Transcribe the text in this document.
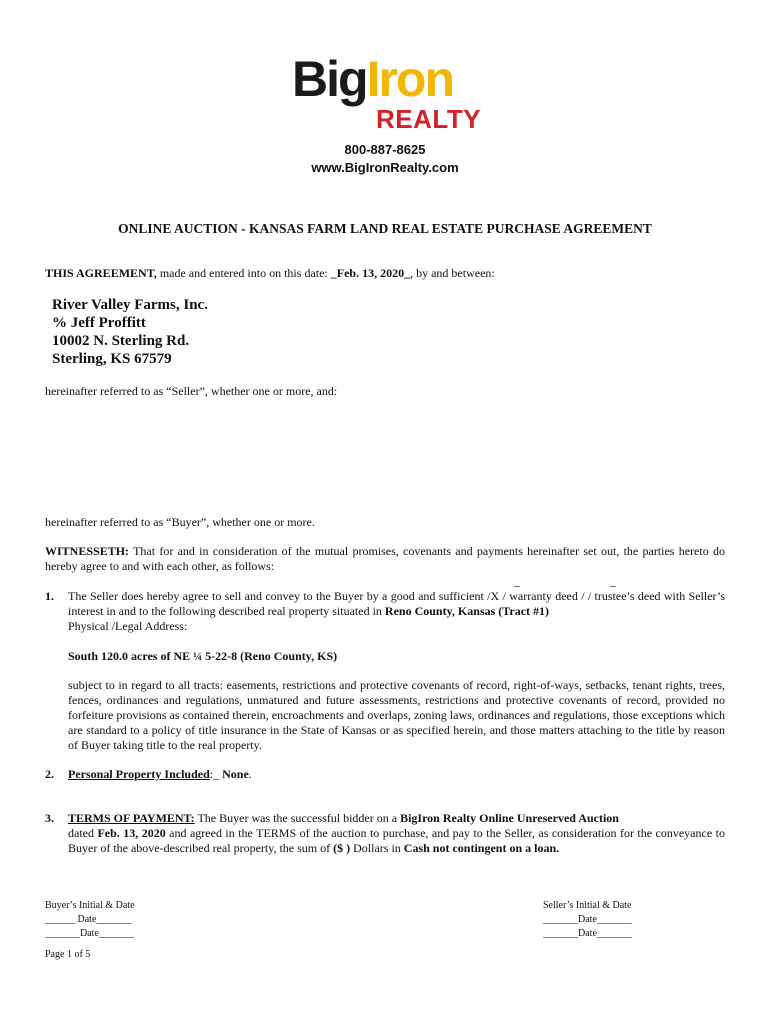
BigIron
REALTY
800-887-8625
www.BigIronRealty.com
ONLINE AUCTION - KANSAS FARM LAND REAL ESTATE PURCHASE AGREEMENT
THIS AGREEMENT, made and entered into on this date: _Feb. 13, 2020_, by and between:
River Valley Farms, Inc.
% Jeff Proffitt
10002 N. Sterling Rd.
Sterling, KS 67579
hereinafter referred to as “Seller”, whether one or more, and:
hereinafter referred to as “Buyer”, whether one or more.
WITNESSETH: That for and in consideration of the mutual promises, covenants and payments hereinafter set out, the parties hereto do hereby agree to and with each other, as follows:
_	_
1. The Seller does hereby agree to sell and convey to the Buyer by a good and sufficient /X / warranty deed / / trustee’s deed with Seller’s interest in and to the following described real property situated in Reno County, Kansas (Tract #1)
Physical /Legal Address:
South 120.0 acres of NE ¼ 5-22-8 (Reno County, KS)
subject to in regard to all tracts: easements, restrictions and protective covenants of record, right-of-ways, setbacks, tenant rights, trees, fences, ordinances and regulations, unmatured and future assessments, restrictions and protective covenants of record, provided no forfeiture provisions as contained therein, encroachments and overlaps, zoning laws, ordinances and regulations, those exceptions which are standard to a policy of title insurance in the State of Kansas or as specified herein, and those matters attaching to the title by reason of Buyer taking title to the real property.
2. Personal Property Included:_ None.
3. TERMS OF PAYMENT: The Buyer was the successful bidder on a BigIron Realty Online Unreserved Auction
dated Feb. 13, 2020 and agreed in the TERMS of the auction to purchase, and pay to the Seller, as consideration for the conveyance to Buyer of the above-described real property, the sum of ($ ) Dollars in Cash not contingent on a loan.
Buyer’s Initial & Date
______ Date_______
_______Date_______
Seller’s Initial & Date
_______Date_______
_______Date_______
Page 1 of 5
